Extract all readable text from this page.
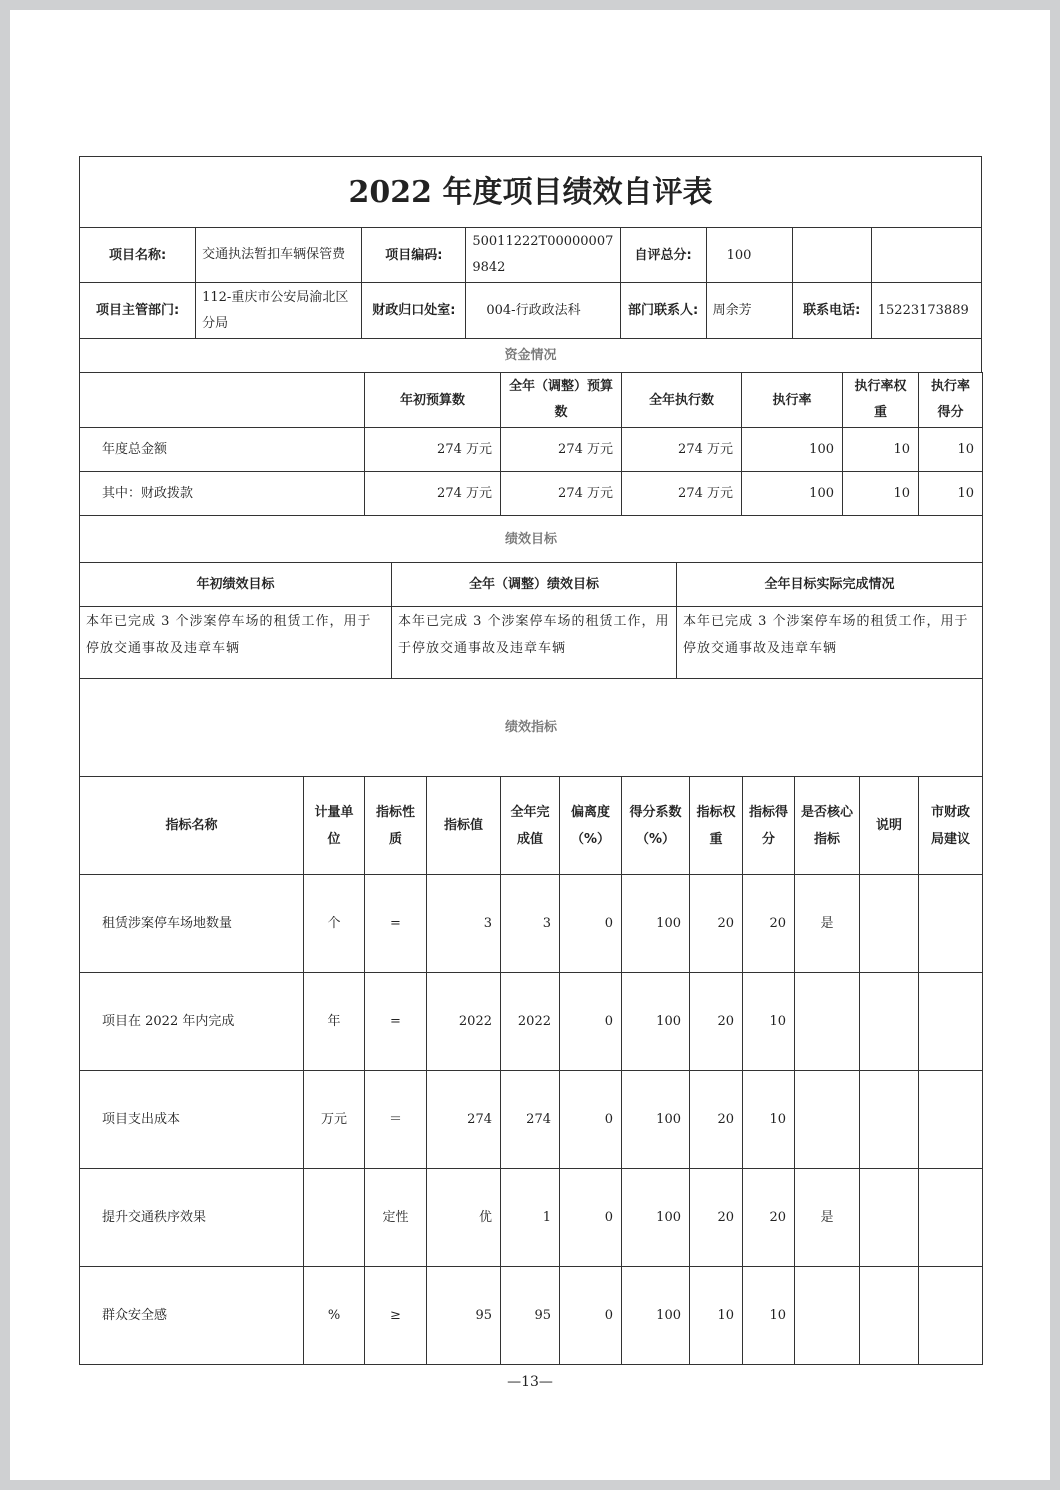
2022 年度项目绩效自评表							
项目名称:	交通执法暂扣车辆保管费	项目编码:	50011222T000000079842	自评总分:	100		
项目主管部门:	112-重庆市公安局渝北区分局	财政归口处室:	004-行政政法科	部门联系人:	周余芳	联系电话:	15223173889
资金情况							
	年初预算数	全年（调整）预算数	全年执行数	执行率	执行率权重	执行率得分
年度总金额	274 万元	274 万元	274 万元	100	10	10
其中：财政拨款	274 万元	274 万元	274 万元	100	10	10
绩效目标						
年初绩效目标	全年（调整）绩效目标	全年目标实际完成情况
本年已完成 3 个涉案停车场的租赁工作，用于停放交通事故及违章车辆	本年已完成 3 个涉案停车场的租赁工作，用于停放交通事故及违章车辆	本年已完成 3 个涉案停车场的租赁工作，用于停放交通事故及违章车辆
绩效指标		
指标名称	计量单位	指标性质	指标值	全年完成值	偏离度（%）	得分系数（%）	指标权重	指标得分	是否核心指标	说明	市财政局建议
租赁涉案停车场地数量	个	=	3	3	0	100	20	20	是		
项目在 2022 年内完成	年	=	2022	2022	0	100	20	10			
项目支出成本	万元	＝	274	274	0	100	20	10			
提升交通秩序效果		定性	优	1	0	100	20	20	是		
群众安全感	%	≥	95	95	0	100	10	10			
—13—
